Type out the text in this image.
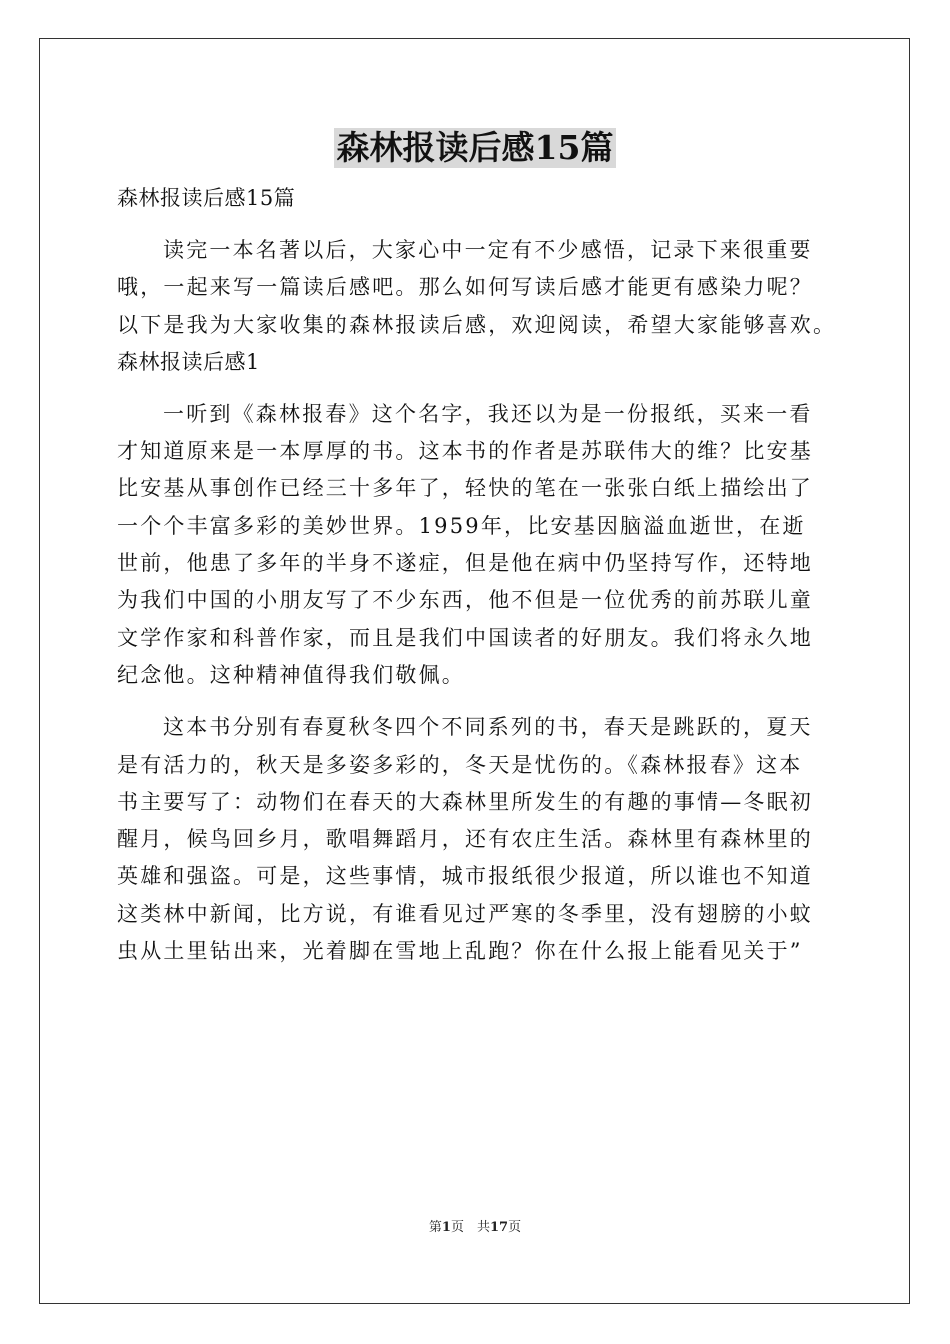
森林报读后感15篇
森林报读后感15篇
读完一本名著以后，大家心中一定有不少感悟，记录下来很重要
哦，一起来写一篇读后感吧。那么如何写读后感才能更有感染力呢？
以下是我为大家收集的森林报读后感，欢迎阅读，希望大家能够喜欢。
森林报读后感1
一听到《森林报春》这个名字，我还以为是一份报纸，买来一看
才知道原来是一本厚厚的书。这本书的作者是苏联伟大的维？比安基
比安基从事创作已经三十多年了，轻快的笔在一张张白纸上描绘出了
一个个丰富多彩的美妙世界。1959年，比安基因脑溢血逝世，在逝
世前，他患了多年的半身不遂症，但是他在病中仍坚持写作，还特地
为我们中国的小朋友写了不少东西，他不但是一位优秀的前苏联儿童
文学作家和科普作家，而且是我们中国读者的好朋友。我们将永久地
纪念他。这种精神值得我们敬佩。
这本书分别有春夏秋冬四个不同系列的书，春天是跳跃的，夏天
是有活力的，秋天是多姿多彩的，冬天是忧伤的。《森林报春》这本
书主要写了：动物们在春天的大森林里所发生的有趣的事情—冬眠初
醒月，候鸟回乡月，歌唱舞蹈月，还有农庄生活。森林里有森林里的
英雄和强盗。可是，这些事情，城市报纸很少报道，所以谁也不知道
这类林中新闻，比方说，有谁看见过严寒的冬季里，没有翅膀的小蚊
虫从土里钻出来，光着脚在雪地上乱跑？你在什么报上能看见关于”
第1页　共17页
